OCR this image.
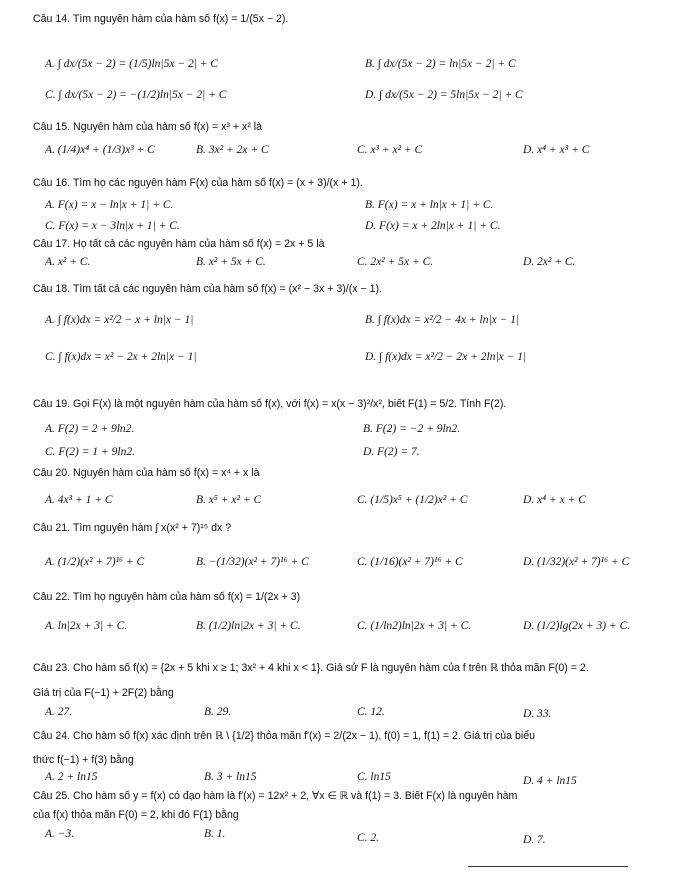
Câu 14. Tìm nguyên hàm của hàm số f(x) = 1/(5x − 2).
A. ∫ dx/(5x − 2) = (1/5)ln|5x − 2| + C	B. ∫ dx/(5x − 2) = ln|5x − 2| + C
C. ∫ dx/(5x − 2) = −(1/2)ln|5x − 2| + C	D. ∫ dx/(5x − 2) = 5ln|5x − 2| + C
Câu 15. Nguyên hàm của hàm số f(x) = x³ + x² là
A. (1/4)x⁴ + (1/3)x³ + C	B. 3x² + 2x + C	C. x³ + x² + C	D. x⁴ + x³ + C
Câu 16. Tìm họ các nguyên hàm F(x) của hàm số f(x) = (x + 3)/(x + 1).
A. F(x) = x − ln|x + 1| + C.	B. F(x) = x + ln|x + 1| + C.
C. F(x) = x − 3ln|x + 1| + C.	D. F(x) = x + 2ln|x + 1| + C.
Câu 17. Họ tất cả các nguyên hàm của hàm số f(x) = 2x + 5 là
A. x² + C.	B. x² + 5x + C.	C. 2x² + 5x + C.	D. 2x² + C.
Câu 18. Tìm tất cả các nguyên hàm của hàm số f(x) = (x² − 3x + 3)/(x − 1).
A. ∫ f(x)dx = x²/2 − x + ln|x − 1|	B. ∫ f(x)dx = x²/2 − 4x + ln|x − 1|
C. ∫ f(x)dx = x² − 2x + 2ln|x − 1|	D. ∫ f(x)dx = x²/2 − 2x + 2ln|x − 1|
Câu 19. Gọi F(x) là một nguyên hàm của hàm số f(x), với f(x) = x(x − 3)²/x², biết F(1) = 5/2. Tính F(2).
A. F(2) = 2 + 9ln2.	B. F(2) = −2 + 9ln2.
C. F(2) = 1 + 9ln2.	D. F(2) = 7.
Câu 20. Nguyên hàm của hàm số f(x) = x⁴ + x là
A. 4x³ + 1 + C	B. x⁵ + x² + C	C. (1/5)x⁵ + (1/2)x² + C	D. x⁴ + x + C
Câu 21. Tìm nguyên hàm ∫ x(x² + 7)¹⁵ dx ?
A. (1/2)(x² + 7)¹⁶ + C	B. −(1/32)(x² + 7)¹⁶ + C	C. (1/16)(x² + 7)¹⁶ + C	D. (1/32)(x² + 7)¹⁶ + C
Câu 22. Tìm họ nguyên hàm của hàm số f(x) = 1/(2x + 3)
A. ln|2x + 3| + C.	B. (1/2)ln|2x + 3| + C.	C. (1/ln2)ln|2x + 3| + C.	D. (1/2)lg(2x + 3) + C.
Câu 23. Cho hàm số f(x) = {2x + 5 khi x ≥ 1; 3x² + 4 khi x < 1}. Giả sử F là nguyên hàm của f trên ℝ thỏa mãn F(0) = 2.
Giá trị của F(−1) + 2F(2) bằng
A. 27.	B. 29.	C. 12.	D. 33.
Câu 24. Cho hàm số f(x) xác định trên ℝ \ {1/2} thỏa mãn f′(x) = 2/(2x − 1), f(0) = 1, f(1) = 2. Giá trị của biểu
thức f(−1) + f(3) bằng
A. 2 + ln15	B. 3 + ln15	C. ln15	D. 4 + ln15
Câu 25. Cho hàm số y = f(x) có đạo hàm là f′(x) = 12x² + 2, ∀x ∈ ℝ và f(1) = 3. Biết F(x) là nguyên hàm
của f(x) thỏa mãn F(0) = 2, khi đó F(1) bằng
A. −3.	B. 1.	C. 2.	D. 7.
